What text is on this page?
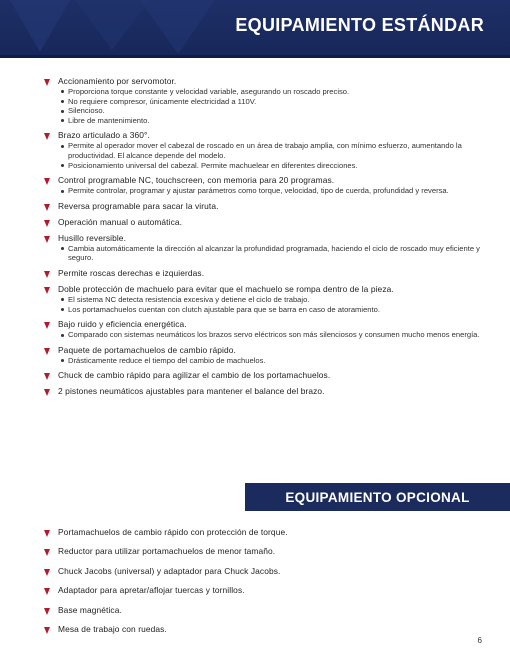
EQUIPAMIENTO ESTÁNDAR
Accionamiento por servomotor.
Proporciona torque constante y velocidad variable, asegurando un roscado preciso.
No requiere compresor, únicamente electricidad a 110V.
Silencioso.
Libre de mantenimiento.
Brazo articulado a 360°.
Permite al operador mover el cabezal de roscado en un área de trabajo amplia, con mínimo esfuerzo, aumentando la productividad. El alcance depende del modelo.
Posicionamiento universal del cabezal. Permite machuelear en diferentes direcciones.
Control programable NC, touchscreen, con memoria para 20 programas.
Permite controlar, programar y ajustar parámetros como torque, velocidad, tipo de cuerda, profundidad y reversa.
Reversa programable para sacar la viruta.
Operación manual o automática.
Husillo reversible.
Cambia automáticamente la dirección al alcanzar la profundidad programada, haciendo el ciclo de roscado muy eficiente y seguro.
Permite roscas derechas e izquierdas.
Doble protección de machuelo para evitar que el machuelo se rompa dentro de la pieza.
El sistema NC detecta resistencia excesiva y detiene el ciclo de trabajo.
Los portamachuelos cuentan con clutch ajustable para que se barra en caso de atoramiento.
Bajo ruido y eficiencia energética.
Comparado con sistemas neumáticos los brazos servo eléctricos son más silenciosos y consumen mucho menos energía.
Paquete de portamachuelos de cambio rápido.
Drásticamente reduce el tiempo del cambio de machuelos.
Chuck de cambio rápido para agilizar el cambio de los portamachuelos.
2 pistones neumáticos ajustables para mantener el balance del brazo.
EQUIPAMIENTO OPCIONAL
Portamachuelos de cambio rápido con protección de torque.
Reductor para utilizar portamachuelos de menor tamaño.
Chuck Jacobs (universal) y adaptador para Chuck Jacobs.
Adaptador para apretar/aflojar tuercas y tornillos.
Base magnética.
Mesa de trabajo con ruedas.
6
